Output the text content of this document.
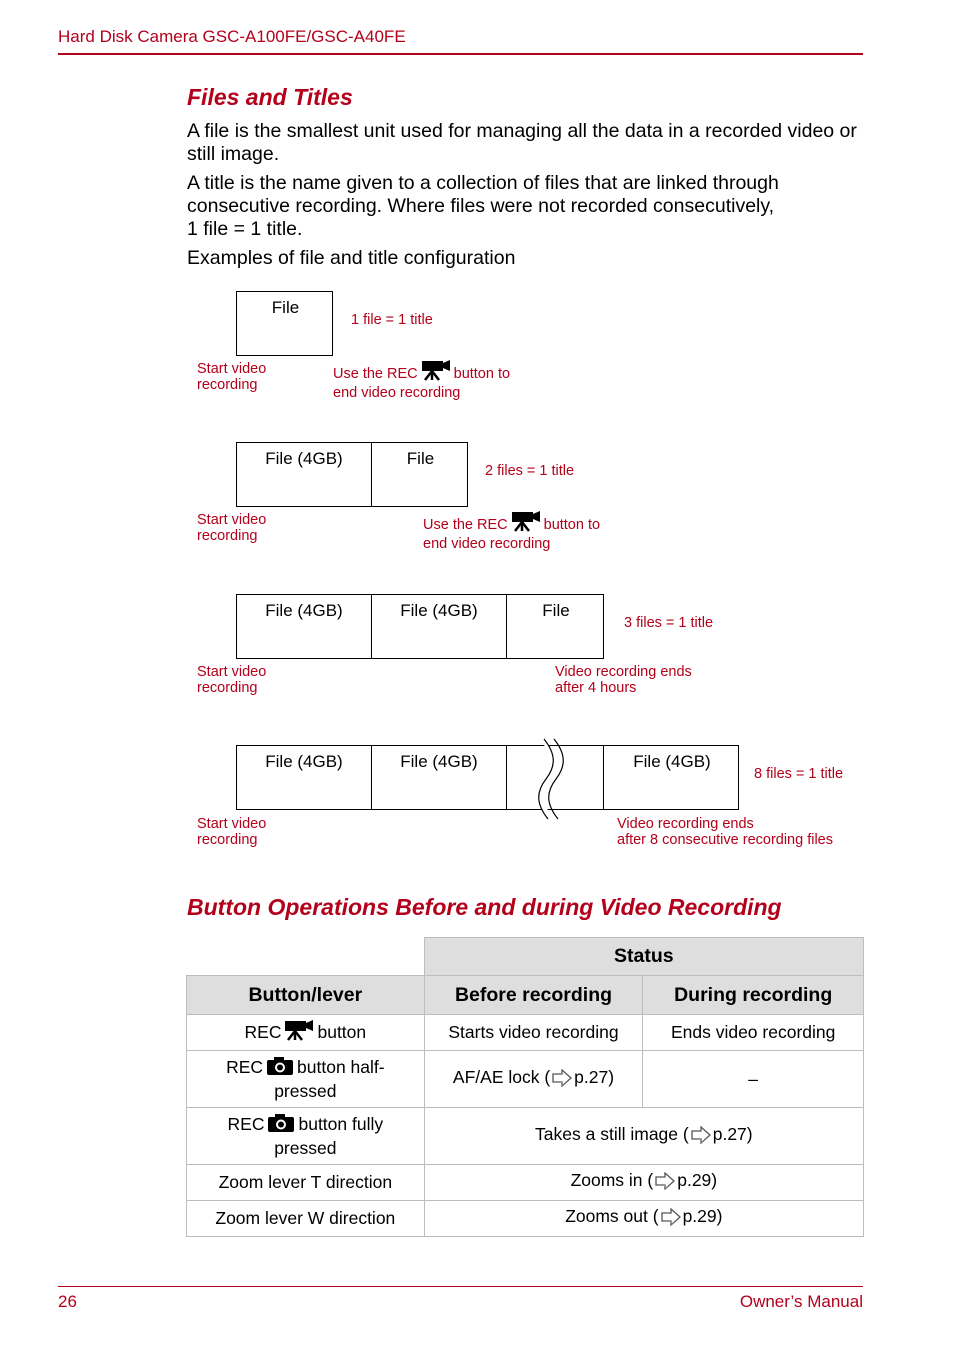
Hard Disk Camera GSC-A100FE/GSC-A40FE
Files and Titles
A file is the smallest unit used for managing all the data in a recorded video or still image.
A title is the name given to a collection of files that are linked through consecutive recording. Where files were not recorded consecutively,
1 file = 1 title.
Examples of file and title configuration
File
1 file = 1 title
Start video
recording
Use the REC button to
end video recording
File (4GB)	File
2 files = 1 title
Start video
recording
Use the REC button to
end video recording
File (4GB)	File (4GB)	File
3 files = 1 title
Start video
recording
Video recording ends
after 4 hours
File (4GB)	File (4GB)	File (4GB)
8 files = 1 title
Start video
recording
Video recording ends
after 8 consecutive recording files
Button Operations Before and during Video Recording
	Status	
Button/lever	Before recording	During recording
REC button	Starts video recording	Ends video recording
REC button half-
pressed	AF/AE lock ( p.27)	–
REC button fully
pressed	Takes a still image ( p.27)	
Zoom lever T direction	Zooms in ( p.29)	
Zoom lever W direction	Zooms out ( p.29)	
26	Owner’s Manual
